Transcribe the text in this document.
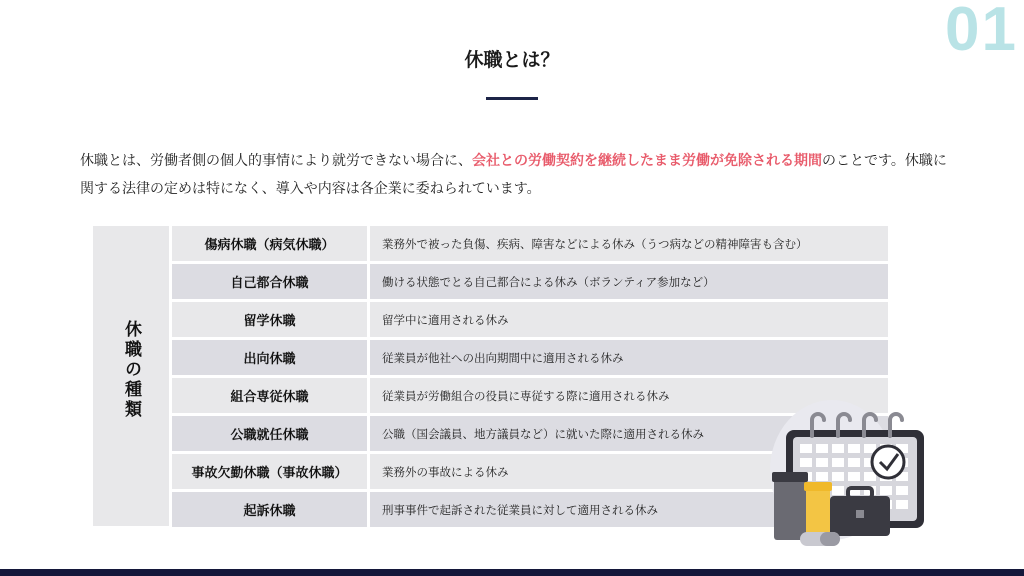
01
休職とは？

休職とは、労働者側の個人的事情により就労できない場合に、会社との労働契約を継続したまま労働が免除される期間のことです。休職に関する法律の定めは特になく、導入や内容は各企業に委ねられています。

休職の種類
傷病休職（病気休職）	業務外で被った負傷、疾病、障害などによる休み（うつ病などの精神障害も含む）
自己都合休職	働ける状態でとる自己都合による休み（ボランティア参加など）
留学休職	留学中に適用される休み
出向休職	従業員が他社への出向期間中に適用される休み
組合専従休職	従業員が労働組合の役員に専従する際に適用される休み
公職就任休職	公職（国会議員、地方議員など）に就いた際に適用される休み
事故欠勤休職（事故休職）	業務外の事故による休み
起訴休職	刑事事件で起訴された従業員に対して適用される休み
